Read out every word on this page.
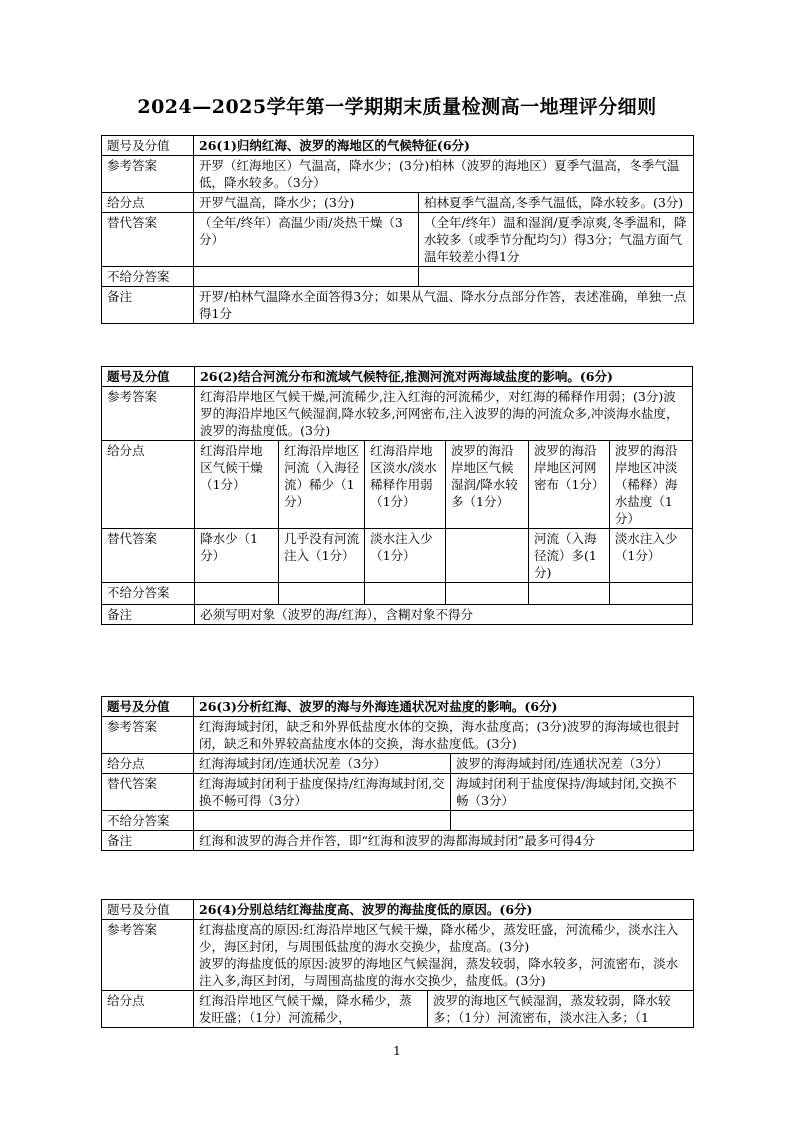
2024—2025学年第一学期期末质量检测高一地理评分细则
题号及分值	26(1)归纳红海、波罗的海地区的气候特征(6分)	
参考答案	开罗（红海地区）气温高，降水少；(3分)柏林（波罗的海地区）夏季气温高，冬季气温低，降水较多。（3分）	
给分点	开罗气温高，降水少；(3分)	柏林夏季气温高,冬季气温低，降水较多。(3分)
替代答案	（全年/终年）高温少雨/炎热干燥（3分）	（全年/终年）温和湿润/夏季凉爽,冬季温和，降水较多（或季节分配均匀）得3分；气温方面气温年较差小得1分
不给分答案		
备注	开罗/柏林气温降水全面答得3分；如果从气温、降水分点部分作答，表述准确，单独一点得1分	
题号及分值	26(2)结合河流分布和流域气候特征,推测河流对两海域盐度的影响。(6分)					
参考答案	红海沿岸地区气候干燥,河流稀少,注入红海的河流稀少，对红海的稀释作用弱；(3分)波罗的海沿岸地区气候湿润,降水较多,河网密布,注入波罗的海的河流众多,冲淡海水盐度，波罗的海盐度低。(3分)					
给分点	红海沿岸地区气候干燥（1分）	红海沿岸地区河流（入海径流）稀少（1分）	红海沿岸地区淡水/淡水稀释作用弱（1分）	波罗的海沿岸地区气候湿润/降水较多（1分）	波罗的海沿岸地区河网密布（1分）	波罗的海沿岸地区冲淡（稀释）海水盐度（1分）
替代答案	降水少（1分）	几乎没有河流注入（1分）	淡水注入少（1分）		河流（入海径流）多(1分)	淡水注入少（1分）
不给分答案						
备注	必须写明对象（波罗的海/红海），含糊对象不得分					
题号及分值	26(3)分析红海、波罗的海与外海连通状况对盐度的影响。(6分)	
参考答案	红海海域封闭，缺乏和外界低盐度水体的交换，海水盐度高；(3分)波罗的海海域也很封闭，缺乏和外界较高盐度水体的交换，海水盐度低。(3分)	
给分点	红海海域封闭/连通状况差（3分）	波罗的海海域封闭/连通状况差（3分）
替代答案	红海海域封闭利于盐度保持/红海海域封闭,交换不畅可得（3分）	海域封闭利于盐度保持/海域封闭,交换不畅（3分）
不给分答案		
备注	红海和波罗的海合并作答，即“红海和波罗的海都海域封闭”最多可得4分	
题号及分值	26(4)分别总结红海盐度高、波罗的海盐度低的原因。(6分)	
参考答案	红海盐度高的原因:红海沿岸地区气候干燥，降水稀少，蒸发旺盛，河流稀少，淡水注入少，海区封闭，与周围低盐度的海水交换少，盐度高。(3分)
波罗的海盐度低的原因:波罗的海地区气候湿润，蒸发较弱，降水较多，河流密布，淡水注入多,海区封闭，与周围高盐度的海水交换少，盐度低。(3分)	

给分点	红海沿岸地区气候干燥，降水稀少，蒸发旺盛；（1分）河流稀少，	波罗的海地区气候湿润，蒸发较弱，降水较多；（1分）河流密布，淡水注入多；（1
1
